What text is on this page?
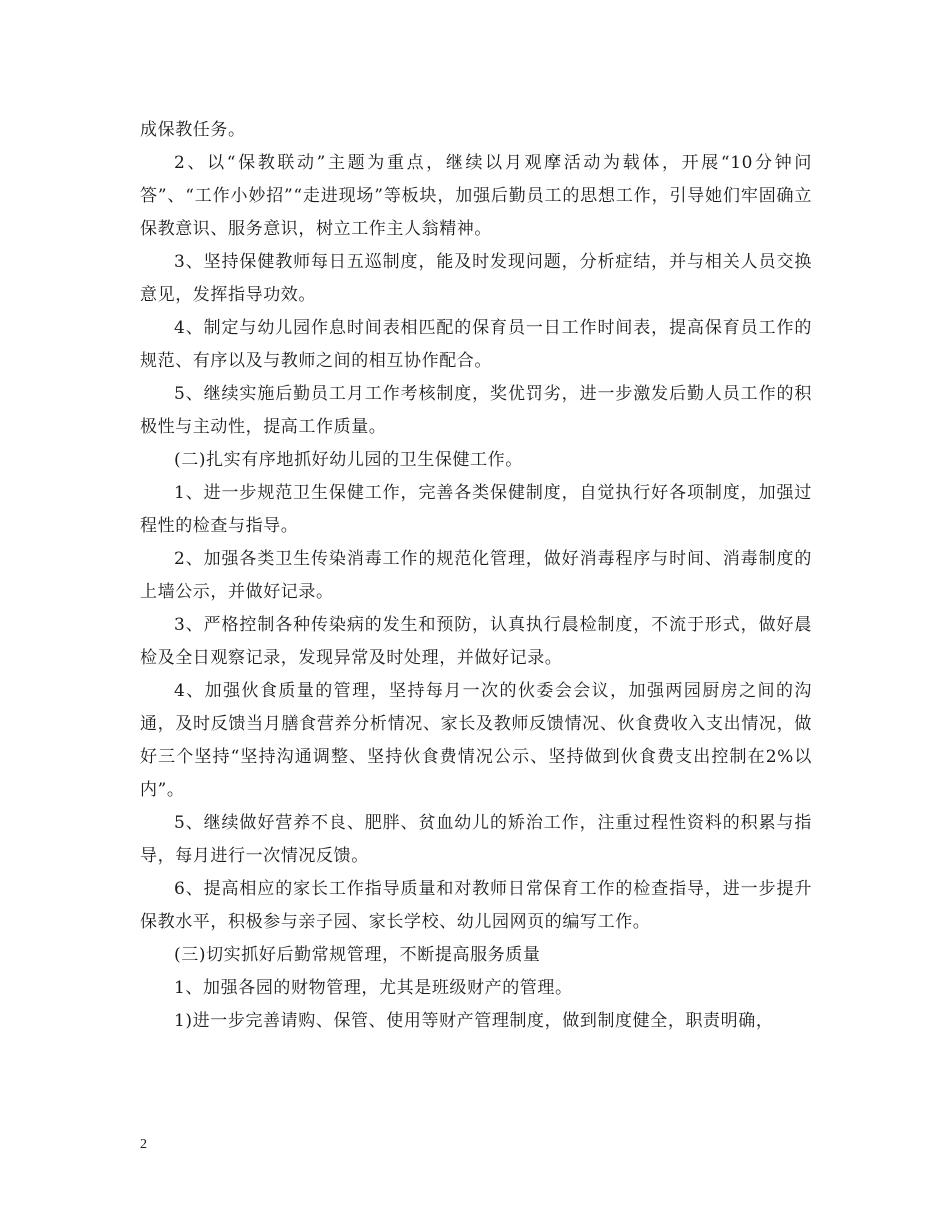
成保教任务。

2、以“保教联动”主题为重点，继续以月观摩活动为载体，开展“10分钟问答”、“工作小妙招”“走进现场”等板块，加强后勤员工的思想工作，引导她们牢固确立保教意识、服务意识，树立工作主人翁精神。

3、坚持保健教师每日五巡制度，能及时发现问题，分析症结，并与相关人员交换意见，发挥指导功效。

4、制定与幼儿园作息时间表相匹配的保育员一日工作时间表，提高保育员工作的规范、有序以及与教师之间的相互协作配合。

5、继续实施后勤员工月工作考核制度，奖优罚劣，进一步激发后勤人员工作的积极性与主动性，提高工作质量。

(二)扎实有序地抓好幼儿园的卫生保健工作。

1、进一步规范卫生保健工作，完善各类保健制度，自觉执行好各项制度，加强过程性的检查与指导。

2、加强各类卫生传染消毒工作的规范化管理，做好消毒程序与时间、消毒制度的上墙公示，并做好记录。

3、严格控制各种传染病的发生和预防，认真执行晨检制度，不流于形式，做好晨检及全日观察记录，发现异常及时处理，并做好记录。

4、加强伙食质量的管理，坚持每月一次的伙委会会议，加强两园厨房之间的沟通，及时反馈当月膳食营养分析情况、家长及教师反馈情况、伙食费收入支出情况，做好三个坚持“坚持沟通调整、坚持伙食费情况公示、坚持做到伙食费支出控制在2%以内”。

5、继续做好营养不良、肥胖、贫血幼儿的矫治工作，注重过程性资料的积累与指导，每月进行一次情况反馈。

6、提高相应的家长工作指导质量和对教师日常保育工作的检查指导，进一步提升保教水平，积极参与亲子园、家长学校、幼儿园网页的编写工作。

(三)切实抓好后勤常规管理，不断提高服务质量

1、加强各园的财物管理，尤其是班级财产的管理。

1)进一步完善请购、保管、使用等财产管理制度，做到制度健全，职责明确，

2
